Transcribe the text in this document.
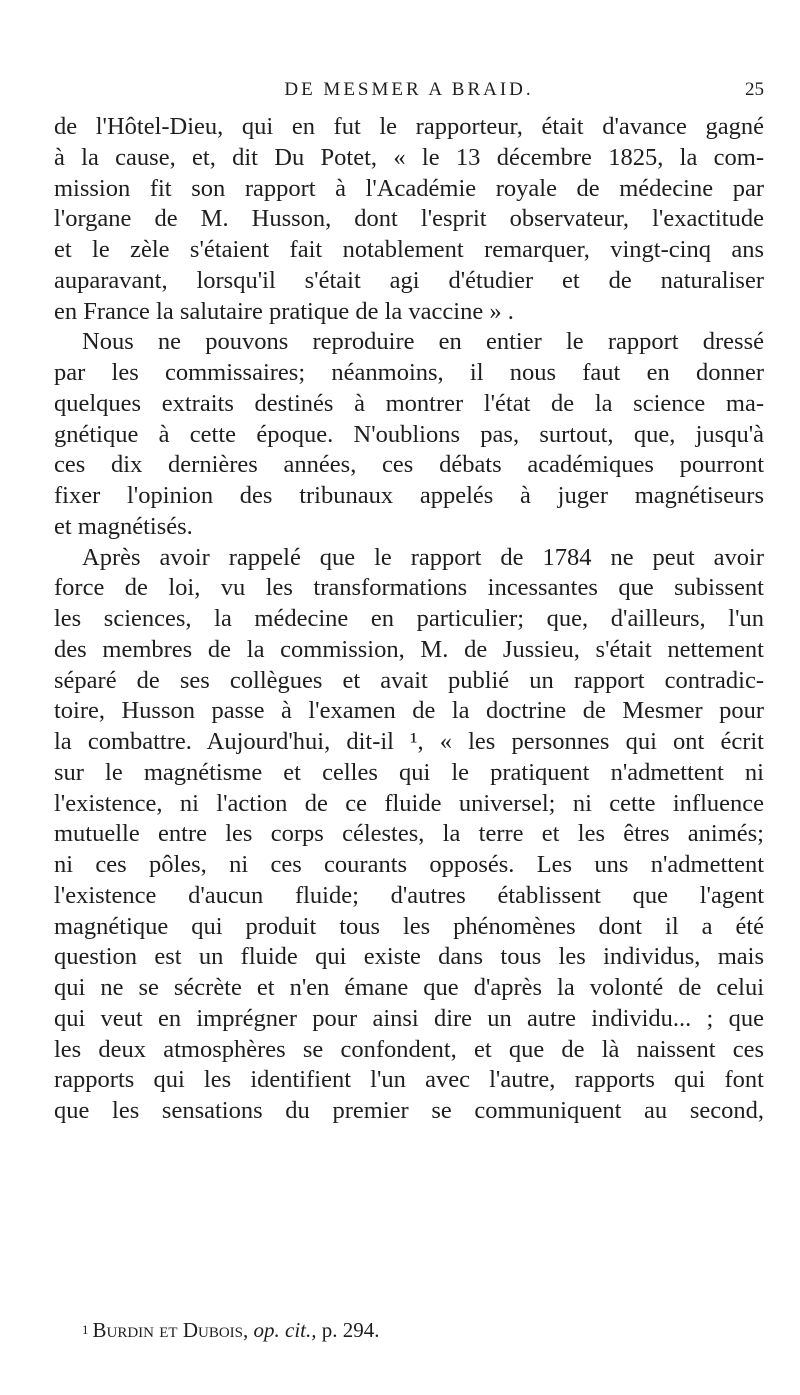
DE MESMER A BRAID.	25
de l'Hôtel-Dieu, qui en fut le rapporteur, était d'avance gagné
à la cause, et, dit Du Potet, « le 13 décembre 1825, la com-
mission fit son rapport à l'Académie royale de médecine par
l'organe de M. Husson, dont l'esprit observateur, l'exactitude
et le zèle s'étaient fait notablement remarquer, vingt-cinq ans
auparavant, lorsqu'il s'était agi d'étudier et de naturaliser
en France la salutaire pratique de la vaccine » .
Nous ne pouvons reproduire en entier le rapport dressé
par les commissaires; néanmoins, il nous faut en donner
quelques extraits destinés à montrer l'état de la science ma-
gnétique à cette époque. N'oublions pas, surtout, que, jusqu'à
ces dix dernières années, ces débats académiques pourront
fixer l'opinion des tribunaux appelés à juger magnétiseurs
et magnétisés.
Après avoir rappelé que le rapport de 1784 ne peut avoir
force de loi, vu les transformations incessantes que subissent
les sciences, la médecine en particulier; que, d'ailleurs, l'un
des membres de la commission, M. de Jussieu, s'était nettement
séparé de ses collègues et avait publié un rapport contradic-
toire, Husson passe à l'examen de la doctrine de Mesmer pour
la combattre. Aujourd'hui, dit-il ¹, « les personnes qui ont écrit
sur le magnétisme et celles qui le pratiquent n'admettent ni
l'existence, ni l'action de ce fluide universel; ni cette influence
mutuelle entre les corps célestes, la terre et les êtres animés;
ni ces pôles, ni ces courants opposés. Les uns n'admettent
l'existence d'aucun fluide; d'autres établissent que l'agent
magnétique qui produit tous les phénomènes dont il a été
question est un fluide qui existe dans tous les individus, mais
qui ne se sécrète et n'en émane que d'après la volonté de celui
qui veut en imprégner pour ainsi dire un autre individu... ; que
les deux atmosphères se confondent, et que de là naissent ces
rapports qui les identifient l'un avec l'autre, rapports qui font
que les sensations du premier se communiquent au second,
$^1$ Burdin et Dubois, op. cit., p. 294.
